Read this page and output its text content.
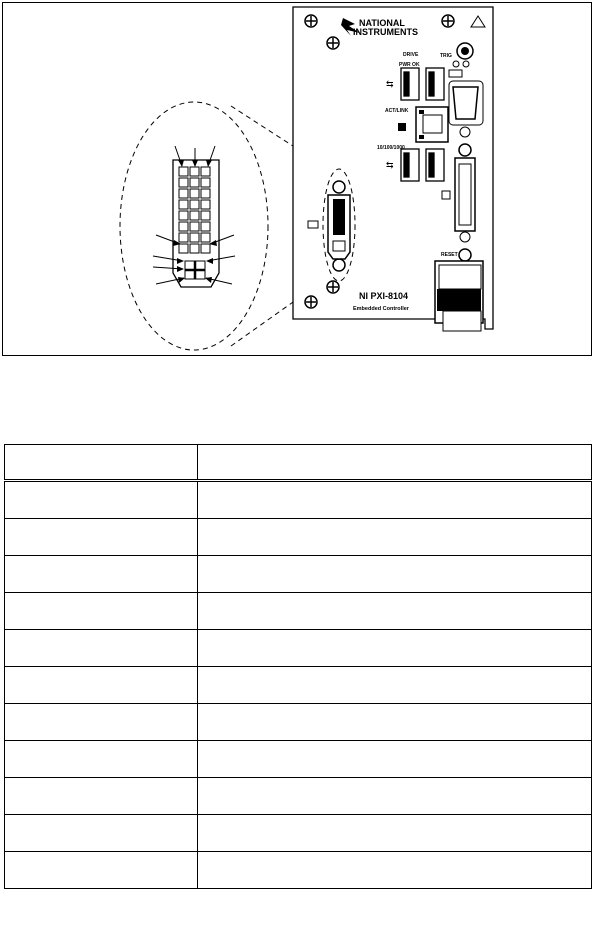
NATIONAL
INSTRUMENTS
TRIG
DRIVE
PWR OK
⇆
⇆
ACT/LINK
10/100/1000
RESET
NI PXI-8104
Embedded Controller
